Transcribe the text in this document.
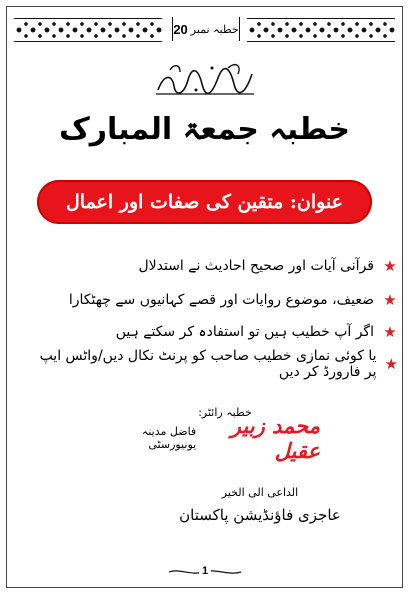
خطبہ نمبر
20
خطبہ جمعۃ المبارک
عنوان: متقین کی صفات اور اعمال
★
قرآنی آیات اور صحیح احادیث نے استدلال
★
ضعیف، موضوع روایات اور قصے کہانیوں سے چھٹکارا
★
اگر آپ خطیب ہیں تو استفادہ کر سکتے ہیں
★
یا کوئی نمازی خطیب صاحب کو پرنٹ نکال دیں/واٹس ایپ پر فارورڈ کر دیں
خطبہ رائٹر:
محمد زبیر عقیل
فاضل مدینہ یونیورسٹی
الداعی الی الخیر
عاجزی فاؤنڈیشن پاکستان
1
